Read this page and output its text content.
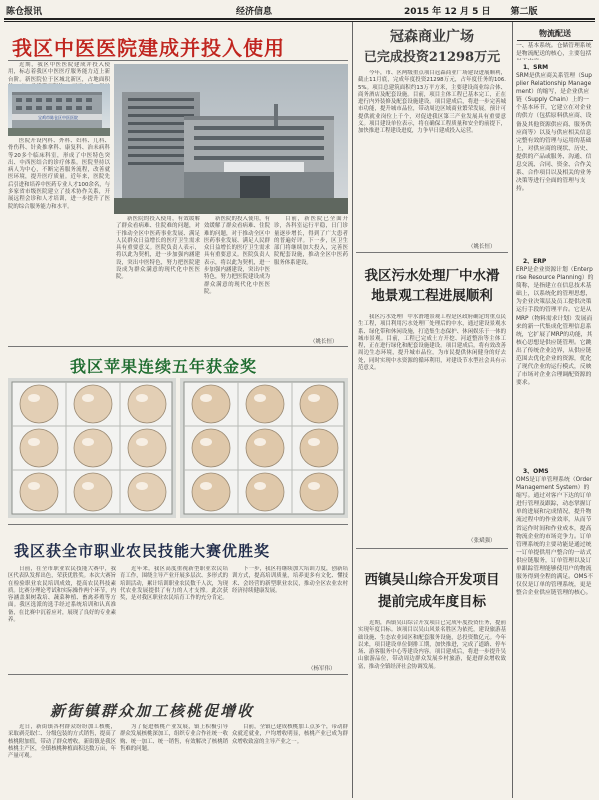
陈仓报讯	经济信息	2015 年 12 月 5 日 第二版
我区中医医院建成并投入使用
宝鸡市陈仓区中医医院
近期，我区中医医院建成并投入使用，标志着我区中医医疗服务能力迈上新台阶。新医院位于区城北新区，占地面积
医院开设内科、外科、妇科、儿科、骨伤科、针灸推拿科、康复科、治未病科等20多个临床科室，形成了中医特色突出、中西医结合的诊疗体系。医院坚持以病人为中心，不断完善服务流程，改善就医环境，提升医疗质量。近年来，医院先后引进和培养中医药专业人才100余名，与多家省市级医院建立了技术协作关系，开展远程会诊和人才培训，进一步提升了医院的综合服务能力和水平。
新医院的投入使用，有效缓解了群众看病难、住院难的问题，对于推动全区中医药事业发展、满足人民群众日益增长的医疗卫生需求具有重要意义。医院负责人表示，将以此为契机，进一步加强内涵建设，突出中医特色，努力把医院建设成为群众满意的现代化中医医院。
新医院的投入使用，有效缓解了群众看病难、住院难的问题，对于推动全区中医药事业发展、满足人民群众日益增长的医疗卫生需求具有重要意义。医院负责人表示，将以此为契机，进一步加强内涵建设，突出中医特色，努力把医院建设成为群众满意的现代化中医医院。
目前，新医院已全面开诊，各科室运行平稳，日门诊量逐步增长，得到了广大患者的普遍好评。下一步，区卫生部门将继续加大投入，完善医院配套设施，推动全区中医药服务体系建设。
（姚长恒）
我区苹果连续五年获金奖
我区获全市职业农民技能大赛优胜奖
日前，在全市职业农民技能大赛中，我区代表队发挥出色，荣获优胜奖。本次大赛旨在检验职业农民培训成效，提高农民科技素质。比赛分理论考试和实际操作两个环节，内容涵盖果树栽培、蔬菜种植、畜禽养殖等方面。我区选派的选手经过系统培训和认真准备，在比赛中沉着应对，展现了良好的专业素养。
近年来，我区高度重视新型职业农民培育工作，围绕主导产业开展多层次、多形式的培训活动，累计培训职业农民数千人次，为现代农业发展提供了有力的人才支撑。此次获奖，是对我区职业农民培育工作的充分肯定。
下一步，我区将继续加大培训力度，创新培训方式，提高培训质量，培养更多有文化、懂技术、会经营的新型职业农民，推动全区农业农村经济持续健康发展。
（杨军伟）
新街镇群众加工核桃促增收
近日，新街镇各村群众纷纷加工核桃，采取剥壳取仁、分级包装的方式销售，提高了核桃附加值，带动了群众增收。新街镇是我区核桃主产区，全镇核桃种植面积达数万亩，年产量可观。
为了促进核桃产业发展，镇上积极引导群众发展核桃深加工，组织专业合作社统一收购、统一加工、统一销售，有效解决了核桃销售难的问题。
目前，全镇已建成核桃加工点多个，带动群众就近就业，户均增收明显，核桃产业已成为群众增收致富的主导产业之一。
冠森商业广场
已完成投资21298万元
今年，市、区两级重点项目冠森商业广场建设进展顺利，截止11月底，完成年度投资21298万元，占年度任务的106.5%。项目总建筑面积约13万平方米，主要建设商业综合体、商务酒店及配套设施。目前，项目主体工程已基本完工，正在进行内外装修及配套设施建设。项目建成后，将进一步完善城市功能，提升城市品位，带动周边区域商业繁荣发展，预计可提供就业岗位上千个，对促进我区第三产业发展具有重要意义。项目建设单位表示，将在确保工程质量和安全的前提下，加快推进工程建设进度，力争早日建成投入运营。
（姚长恒）
我区污水处理厂中水滑
地景观工程进展顺利
我区污水处理厂中水滑地景观工程是区政府确定的重点民生工程，项目利用污水处理厂处理后的中水，通过建设景观水系、绿化带和休闲设施，打造集生态保护、休闲娱乐于一体的城市景观。目前，工程已完成土方开挖、河道整治等主体工程，正在进行绿化和配套设施建设。项目建成后，将有效改善周边生态环境，提升城市品位，为市民提供休闲健身的好去处，同时实现中水资源的循环利用，对建设节水型社会具有示范意义。
（张斌强）
西镇吴山综合开发项目
提前完成年度目标
近期，西镇吴山综合开发项目已完成年度投资任务，提前实现年度目标。该项目以吴山风景名胜区为依托，建设旅游基础设施、生态农业园区和配套服务设施，总投资数亿元。今年以来，项目建设单位倒排工期，加快推进，完成了道路、停车场、游客服务中心等建设内容。项目建成后，将进一步提升吴山旅游品位，带动周边群众发展乡村旅游，促进群众增收致富，推动全镇经济社会协调发展。
物流配送
一、基本系统。仓储管理系统是物流配送的核心，主要包括
1、SRM
SRM是供应商关系管理（Supplier Relationship Management）的缩写，是企业供应链（Supply Chain）上的一个基本环节，它建立在对企业的供方（包括原料供应商、设备及其他资源供应商、服务供应商等）以及与供应相关信息完整有效的管理与运用的基础上，对供应商的现状、历史、提供的产品或服务、沟通、信息交流、合同、资金、合作关系、合作项目以及相关的业务决策等进行全面的管理与支持。
2、ERP
ERP是企业资源计划（Enterprise Resource Planning）的简称，是指建立在信息技术基础上，以系统化的管理思想，为企业决策层及员工提供决策运行手段的管理平台。它是从MRP（物料需求计划）发展而来的新一代集成化管理信息系统，它扩展了MRP的功能，其核心思想是供应链管理。它跳出了传统企业边界，从供应链范围去优化企业的资源，优化了现代企业的运行模式，反映了市场对企业合理调配资源的要求。
3、OMS
OMS是订单管理系统（Order Management System）的缩写。通过对客户下达的订单进行管理及跟踪，动态掌握订单的进展和完成情况，提升物流过程中的作业效率，从而节省运作时间和作业成本，提高物流企业的市场竞争力。订单管理系统的主要功能是通过统一订单提供用户整合的一站式供应链服务，订单管理以及订单跟踪管理能够使用户的物流服务得到全程的满足。OMS不仅仅是订单的管理系统，更是整合企业供应链管理的核心。
